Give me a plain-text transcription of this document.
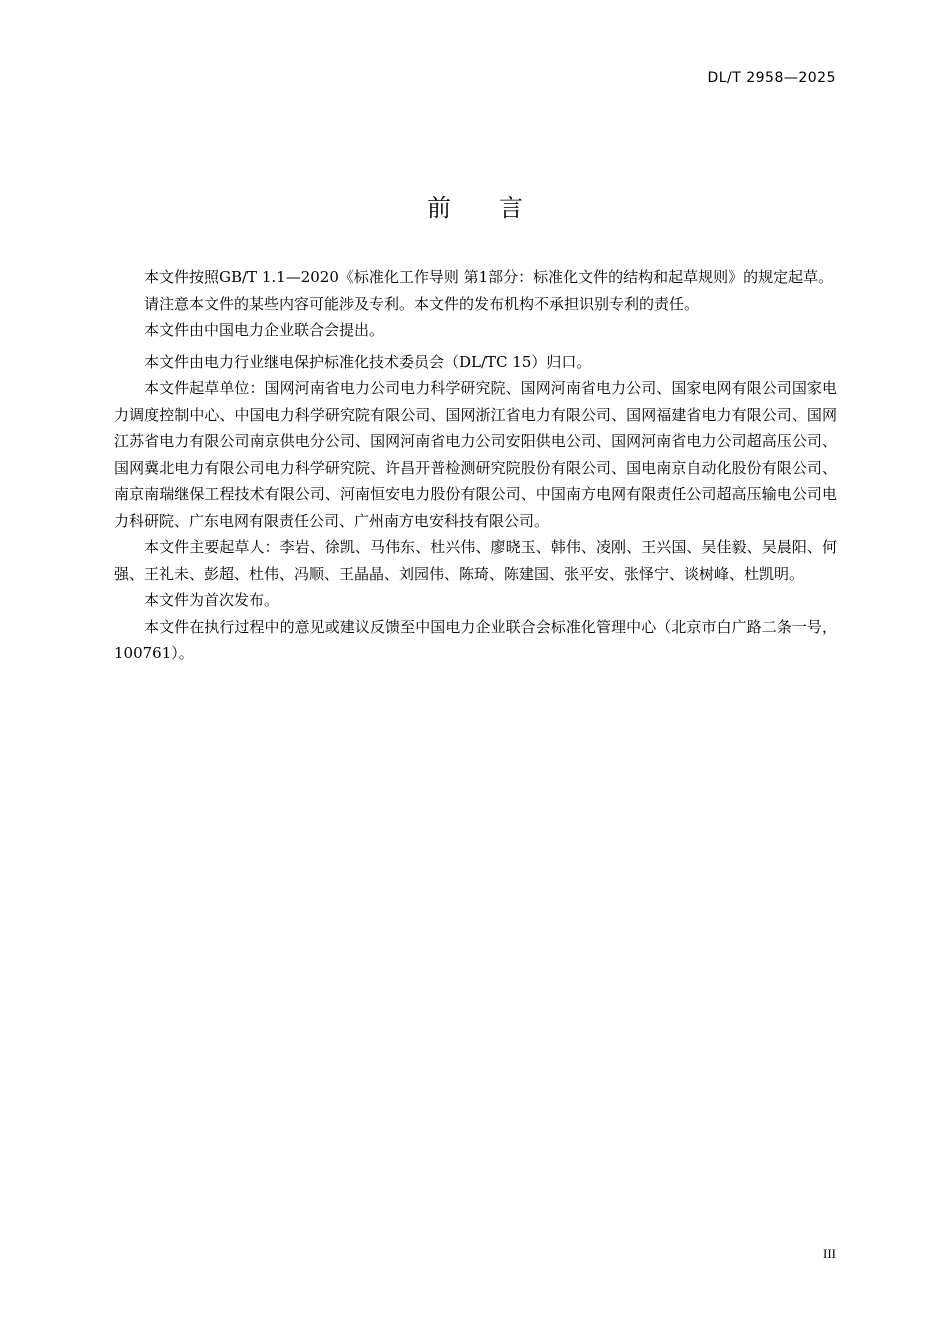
DL/T 2958—2025
前言

本文件按照GB/T 1.1—2020《标准化工作导则 第1部分：标准化文件的结构和起草规则》的规定起草。

请注意本文件的某些内容可能涉及专利。本文件的发布机构不承担识别专利的责任。

本文件由中国电力企业联合会提出。

本文件由电力行业继电保护标准化技术委员会（DL/TC 15）归口。

本文件起草单位：国网河南省电力公司电力科学研究院、国网河南省电力公司、国家电网有限公司国家电力调度控制中心、中国电力科学研究院有限公司、国网浙江省电力有限公司、国网福建省电力有限公司、国网江苏省电力有限公司南京供电分公司、国网河南省电力公司安阳供电公司、国网河南省电力公司超高压公司、国网冀北电力有限公司电力科学研究院、许昌开普检测研究院股份有限公司、国电南京自动化股份有限公司、南京南瑞继保工程技术有限公司、河南恒安电力股份有限公司、中国南方电网有限责任公司超高压输电公司电力科研院、广东电网有限责任公司、广州南方电安科技有限公司。

本文件主要起草人：李岩、徐凯、马伟东、杜兴伟、廖晓玉、韩伟、凌刚、王兴国、吴佳毅、吴晨阳、何强、王礼未、彭超、杜伟、冯顺、王晶晶、刘园伟、陈琦、陈建国、张平安、张怿宁、谈树峰、杜凯明。

本文件为首次发布。

本文件在执行过程中的意见或建议反馈至中国电力企业联合会标准化管理中心（北京市白广路二条一号，100761）。

III
